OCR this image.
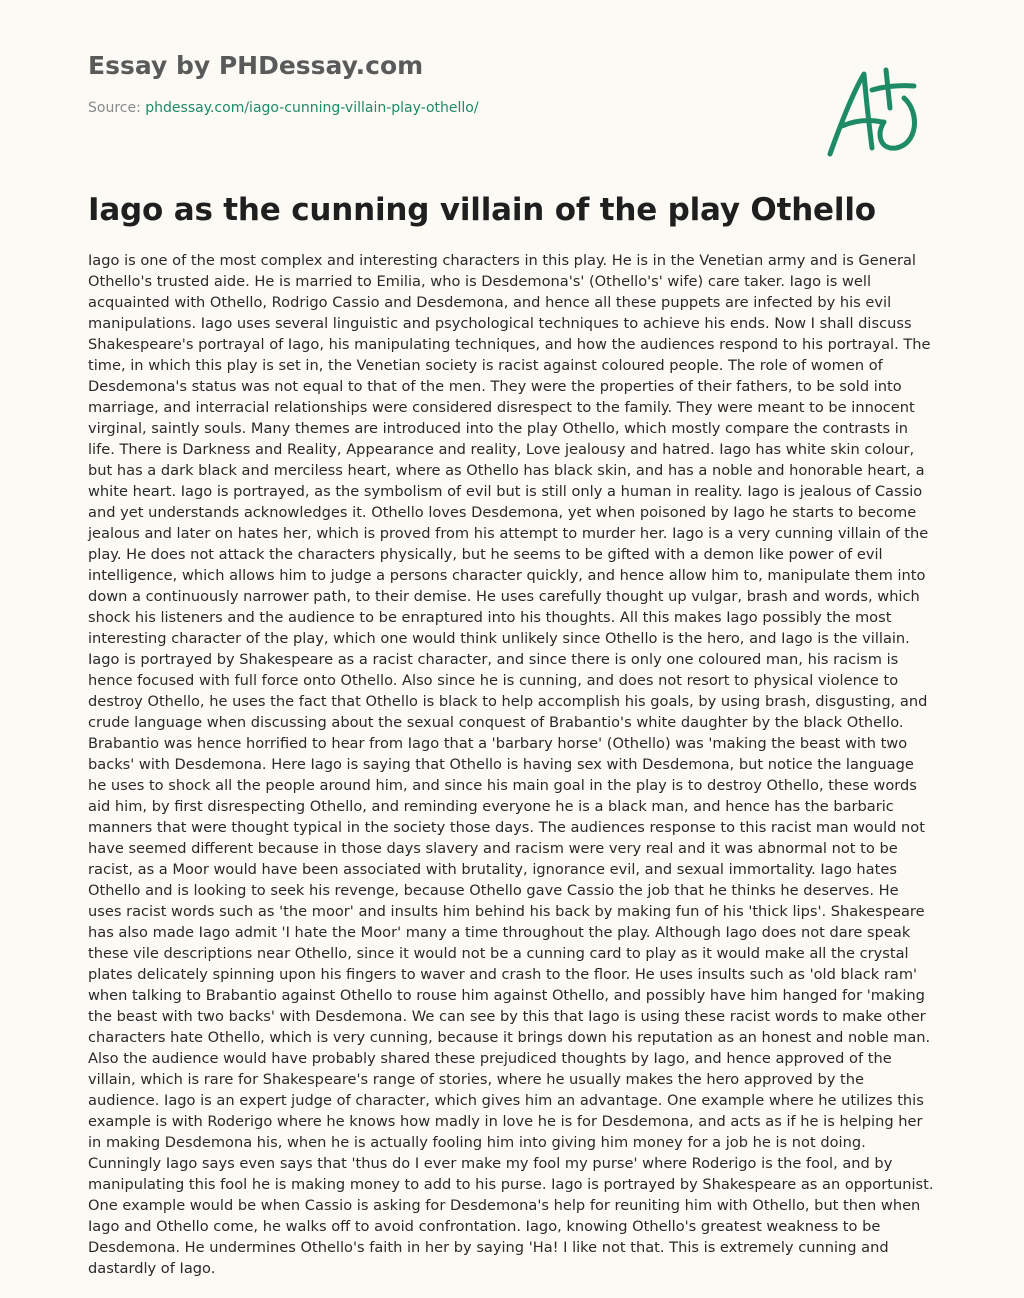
Essay by PHDessay.com
Source: phdessay.com/iago-cunning-villain-play-othello/
Iago as the cunning villain of the play Othello

Iago is one of the most complex and interesting characters in this play. He is in the Venetian army and is General Othello's trusted aide. He is married to Emilia, who is Desdemona's' (Othello's' wife) care taker. Iago is well acquainted with Othello, Rodrigo Cassio and Desdemona, and hence all these puppets are infected by his evil manipulations. Iago uses several linguistic and psychological techniques to achieve his ends. Now I shall discuss Shakespeare's portrayal of Iago, his manipulating techniques, and how the audiences respond to his portrayal. The time, in which this play is set in, the Venetian society is racist against coloured people. The role of women of Desdemona's status was not equal to that of the men. They were the properties of their fathers, to be sold into marriage, and interracial relationships were considered disrespect to the family. They were meant to be innocent virginal, saintly souls. Many themes are introduced into the play Othello, which mostly compare the contrasts in life. There is Darkness and Reality, Appearance and reality, Love jealousy and hatred. Iago has white skin colour, but has a dark black and merciless heart, where as Othello has black skin, and has a noble and honorable heart, a white heart. Iago is portrayed, as the symbolism of evil but is still only a human in reality. Iago is jealous of Cassio and yet understands acknowledges it. Othello loves Desdemona, yet when poisoned by Iago he starts to become jealous and later on hates her, which is proved from his attempt to murder her. Iago is a very cunning villain of the play. He does not attack the characters physically, but he seems to be gifted with a demon like power of evil intelligence, which allows him to judge a persons character quickly, and hence allow him to, manipulate them into down a continuously narrower path, to their demise. He uses carefully thought up vulgar, brash and words, which shock his listeners and the audience to be enraptured into his thoughts. All this makes Iago possibly the most interesting character of the play, which one would think unlikely since Othello is the hero, and Iago is the villain. Iago is portrayed by Shakespeare as a racist character, and since there is only one coloured man, his racism is hence focused with full force onto Othello. Also since he is cunning, and does not resort to physical violence to destroy Othello, he uses the fact that Othello is black to help accomplish his goals, by using brash, disgusting, and crude language when discussing about the sexual conquest of Brabantio's white daughter by the black Othello. Brabantio was hence horrified to hear from Iago that a 'barbary horse' (Othello) was 'making the beast with two backs' with Desdemona. Here Iago is saying that Othello is having sex with Desdemona, but notice the language he uses to shock all the people around him, and since his main goal in the play is to destroy Othello, these words aid him, by first disrespecting Othello, and reminding everyone he is a black man, and hence has the barbaric manners that were thought typical in the society those days. The audiences response to this racist man would not have seemed different because in those days slavery and racism were very real and it was abnormal not to be racist, as a Moor would have been associated with brutality, ignorance evil, and sexual immortality. Iago hates Othello and is looking to seek his revenge, because Othello gave Cassio the job that he thinks he deserves. He uses racist words such as 'the moor' and insults him behind his back by making fun of his 'thick lips'. Shakespeare has also made Iago admit 'I hate the Moor' many a time throughout the play. Although Iago does not dare speak these vile descriptions near Othello, since it would not be a cunning card to play as it would make all the crystal plates delicately spinning upon his fingers to waver and crash to the floor. He uses insults such as 'old black ram' when talking to Brabantio against Othello to rouse him against Othello, and possibly have him hanged for 'making the beast with two backs' with Desdemona. We can see by this that Iago is using these racist words to make other characters hate Othello, which is very cunning, because it brings down his reputation as an honest and noble man. Also the audience would have probably shared these prejudiced thoughts by Iago, and hence approved of the villain, which is rare for Shakespeare's range of stories, where he usually makes the hero approved by the audience. Iago is an expert judge of character, which gives him an advantage. One example where he utilizes this example is with Roderigo where he knows how madly in love he is for Desdemona, and acts as if he is helping her in making Desdemona his, when he is actually fooling him into giving him money for a job he is not doing. Cunningly Iago says even says that 'thus do I ever make my fool my purse' where Roderigo is the fool, and by manipulating this fool he is making money to add to his purse. Iago is portrayed by Shakespeare as an opportunist. One example would be when Cassio is asking for Desdemona's help for reuniting him with Othello, but then when Iago and Othello come, he walks off to avoid confrontation. Iago, knowing Othello's greatest weakness to be Desdemona. He undermines Othello's faith in her by saying 'Ha! I like not that. This is extremely cunning and dastardly of Iago.
